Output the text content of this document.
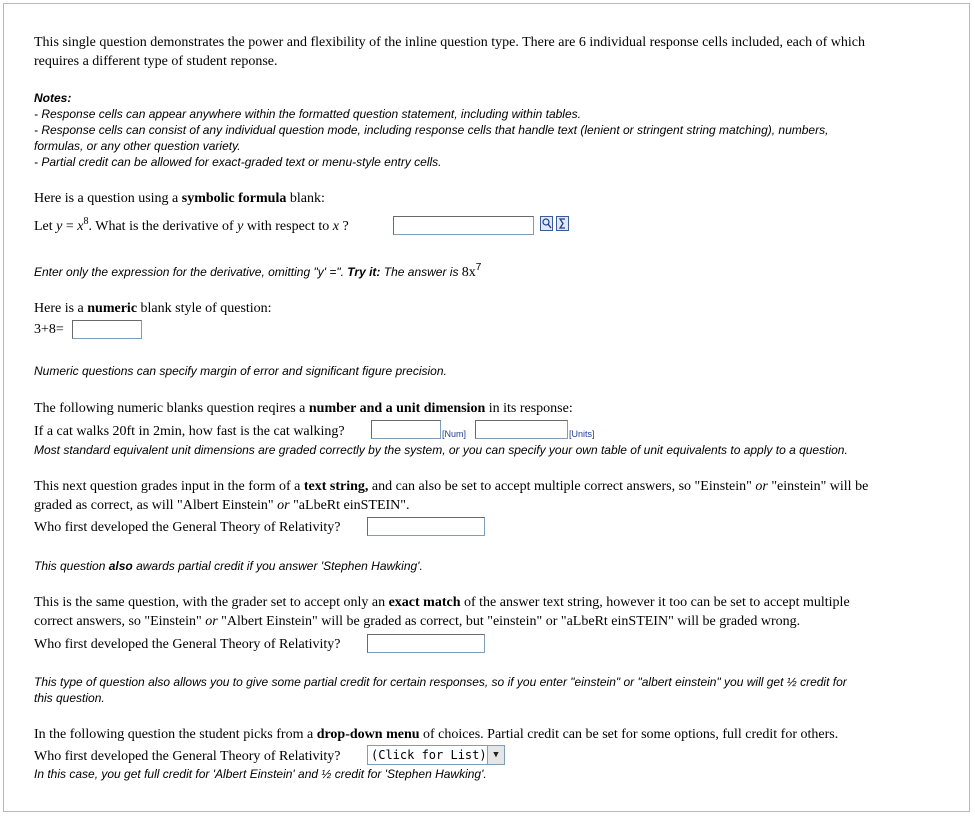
This single question demonstrates the power and flexibility of the inline question type. There are 6 individual response cells included, each of which
requires a different type of student reponse.
Notes:
- Response cells can appear anywhere within the formatted question statement, including within tables.
- Response cells can consist of any individual question mode, including response cells that handle text (lenient or stringent string matching), numbers,
formulas, or any other question variety.
- Partial credit can be allowed for exact-graded text or menu-style entry cells.
Here is a question using a symbolic formula blank:
Let $y = x^8$. What is the derivative of y with respect to x ?
Enter only the expression for the derivative, omitting "y' =". Try it: The answer is $8x^7$
Here is a numeric blank style of question:
3+8=
Numeric questions can specify margin of error and significant figure precision.
The following numeric blanks question reqires a number and a unit dimension in its response:
If a cat walks 20ft in 2min, how fast is the cat walking?	[Num]	[Units]
Most standard equivalent unit dimensions are graded correctly by the system, or you can specify your own table of unit equivalents to apply to a question.
This next question grades input in the form of a text string, and can also be set to accept multiple correct answers, so "Einstein" or "einstein" will be
graded as correct, as will "Albert Einstein" or "aLbeRt einSTEIN".
Who first developed the General Theory of Relativity?
This question also awards partial credit if you answer 'Stephen Hawking'.
This is the same question, with the grader set to accept only an exact match of the answer text string, however it too can be set to accept multiple
correct answers, so "Einstein" or "Albert Einstein" will be graded as correct, but "einstein" or "aLbeRt einSTEIN" will be graded wrong.
Who first developed the General Theory of Relativity?
This type of question also allows you to give some partial credit for certain responses, so if you enter "einstein" or "albert einstein" you will get ½ credit for
this question.
In the following question the student picks from a drop-down menu of choices. Partial credit can be set for some options, full credit for others.
Who first developed the General Theory of Relativity?	(Click for List) ▼
In this case, you get full credit for 'Albert Einstein' and ½ credit for 'Stephen Hawking'.
